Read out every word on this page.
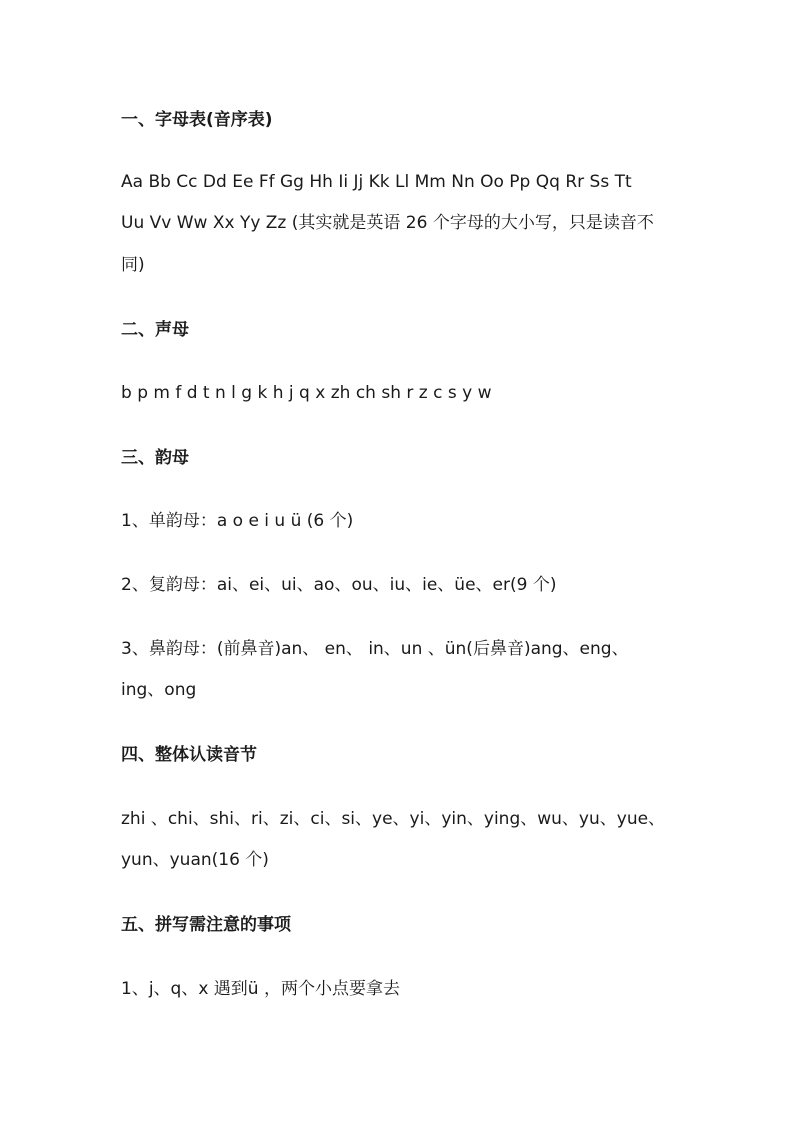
一、字母表(音序表)
Aa Bb Cc Dd Ee Ff Gg Hh Ii Jj Kk Ll Mm Nn Oo Pp Qq Rr Ss Tt
Uu Vv Ww Xx Yy Zz (其实就是英语 26 个字母的大小写，只是读音不
同)
二、声母
b p m f d t n l g k h j q x zh ch sh r z c s y w
三、韵母
1、单韵母：a o e i u ü (6 个)
2、复韵母：ai、ei、ui、ao、ou、iu、ie、üe、er(9 个)
3、鼻韵母：(前鼻音)an、 en、 in、un 、ün(后鼻音)ang、eng、
ing、ong
四、整体认读音节
zhi 、chi、shi、ri、zi、ci、si、ye、yi、yin、ying、wu、yu、yue、
yun、yuan(16 个)
五、拼写需注意的事项
1、j、q、x 遇到ü ，两个小点要拿去
